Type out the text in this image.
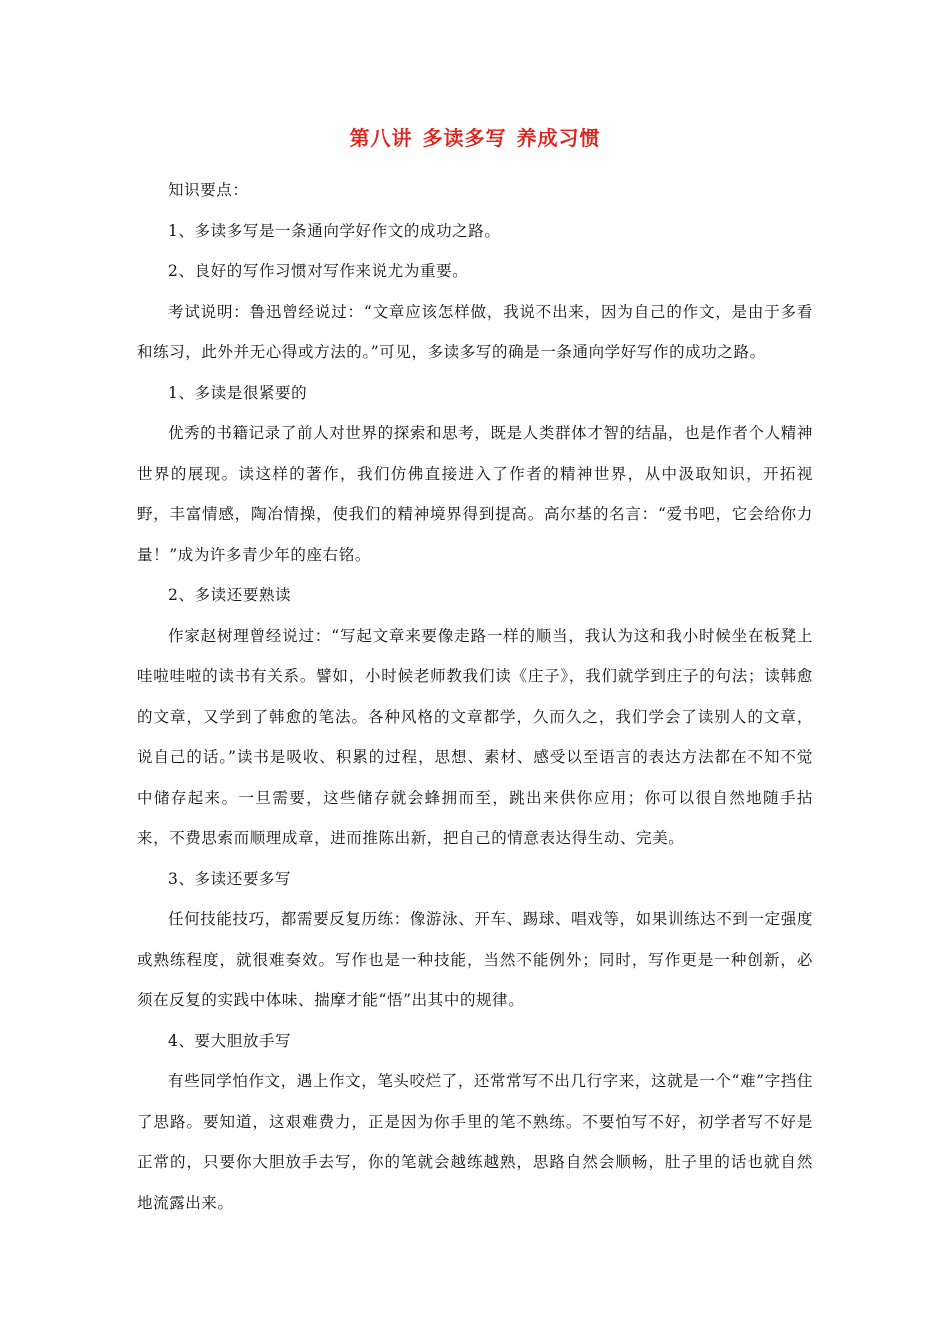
第八讲 多读多写 养成习惯

知识要点：

1、多读多写是一条通向学好作文的成功之路。

2、良好的写作习惯对写作来说尤为重要。

考试说明：鲁迅曾经说过：“文章应该怎样做，我说不出来，因为自己的作文，是由于多看和练习，此外并无心得或方法的。”可见，多读多写的确是一条通向学好写作的成功之路。

1、多读是很紧要的

优秀的书籍记录了前人对世界的探索和思考，既是人类群体才智的结晶，也是作者个人精神世界的展现。读这样的著作，我们仿佛直接进入了作者的精神世界，从中汲取知识，开拓视野，丰富情感，陶冶情操，使我们的精神境界得到提高。高尔基的名言：“爱书吧，它会给你力量！”成为许多青少年的座右铭。

2、多读还要熟读

作家赵树理曾经说过：“写起文章来要像走路一样的顺当，我认为这和我小时候坐在板凳上哇啦哇啦的读书有关系。譬如，小时候老师教我们读《庄子》，我们就学到庄子的句法；读韩愈的文章，又学到了韩愈的笔法。各种风格的文章都学，久而久之，我们学会了读别人的文章，说自己的话。”读书是吸收、积累的过程，思想、素材、感受以至语言的表达方法都在不知不觉中储存起来。一旦需要，这些储存就会蜂拥而至，跳出来供你应用；你可以很自然地随手拈来，不费思索而顺理成章，进而推陈出新，把自己的情意表达得生动、完美。

3、多读还要多写

任何技能技巧，都需要反复历练：像游泳、开车、踢球、唱戏等，如果训练达不到一定强度或熟练程度，就很难奏效。写作也是一种技能，当然不能例外；同时，写作更是一种创新，必须在反复的实践中体味、揣摩才能“悟”出其中的规律。

4、要大胆放手写

有些同学怕作文，遇上作文，笔头咬烂了，还常常写不出几行字来，这就是一个“难”字挡住了思路。要知道，这艰难费力，正是因为你手里的笔不熟练。不要怕写不好，初学者写不好是正常的，只要你大胆放手去写，你的笔就会越练越熟，思路自然会顺畅，肚子里的话也就自然地流露出来。
